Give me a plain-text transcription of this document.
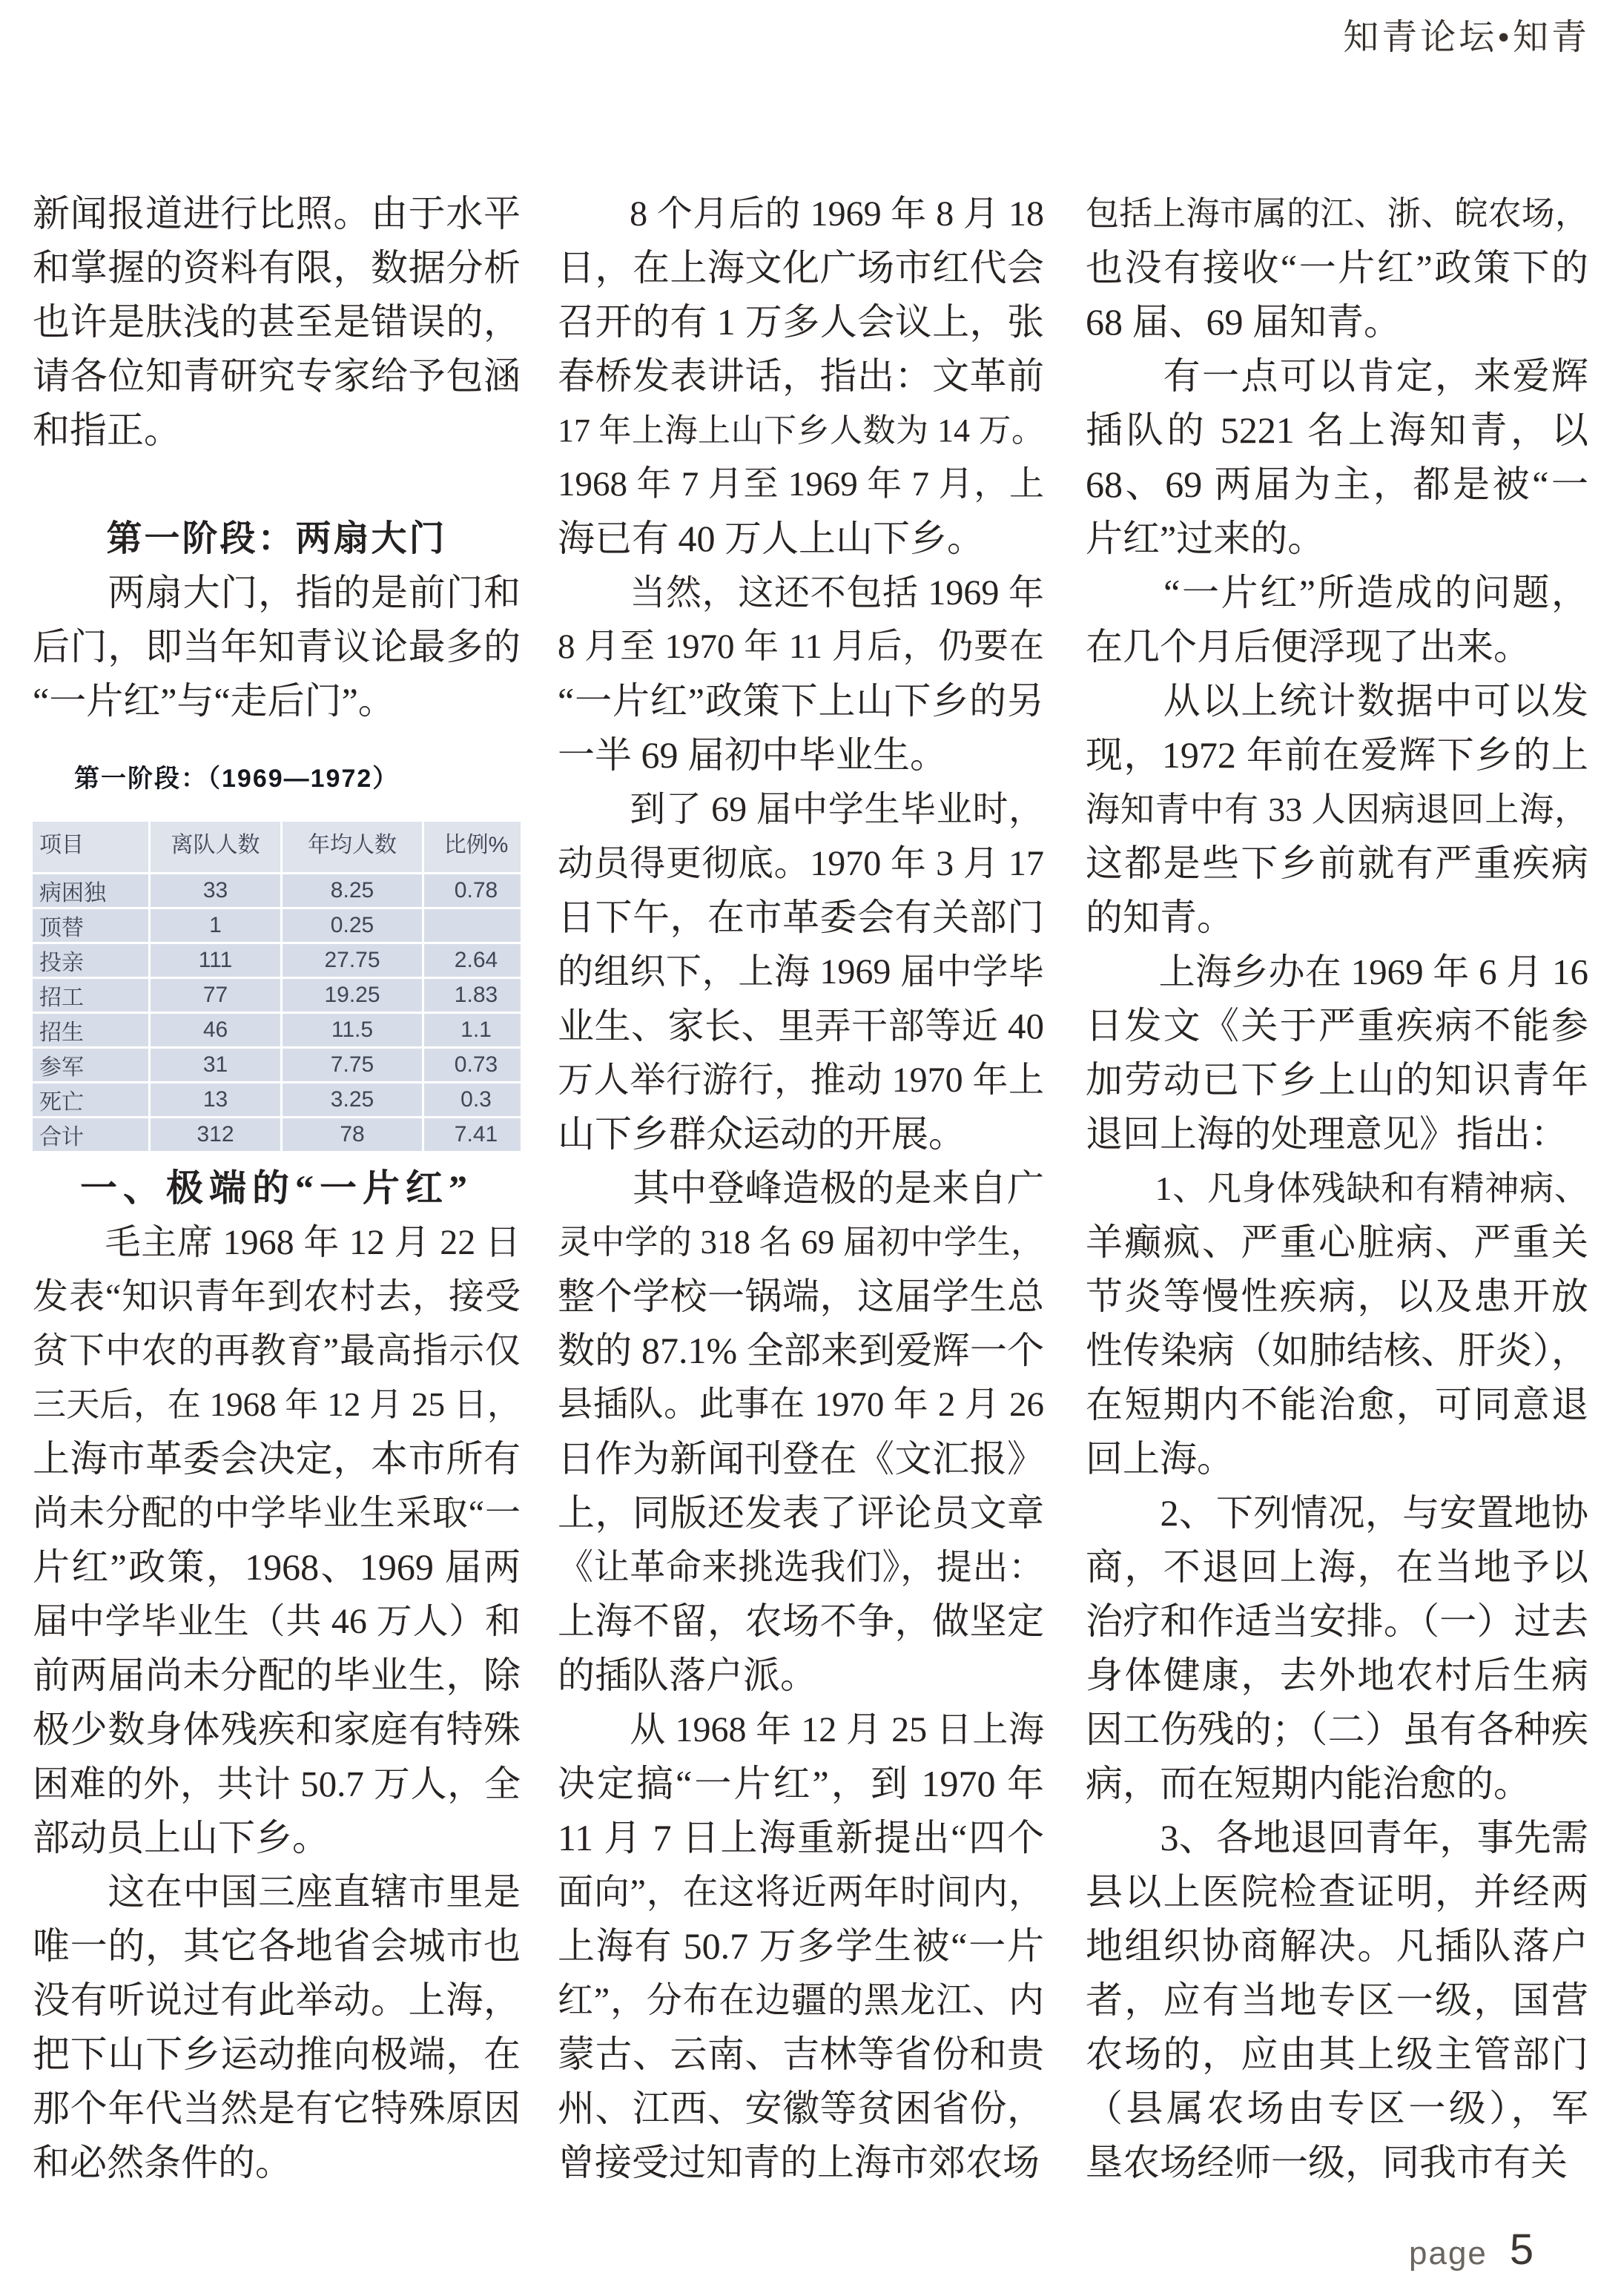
知青论坛•知青
新闻报道进行比照。由于水平
和掌握的资料有限，数据分析
也许是肤浅的甚至是错误的，
请各位知青研究专家给予包涵
和指正。
第一阶段：两扇大门
　　两扇大门，指的是前门和
后门，即当年知青议论最多的
“一片红”与“走后门”。
第一阶段：（1969—1972）
项目	离队人数	年均人数	比例%
病困独	33	8.25	0.78
顶替	1	0.25	
投亲	111	27.75	2.64
招工	77	19.25	1.83
招生	46	11.5	1.1
参军	31	7.75	0.73
死亡	13	3.25	0.3
合计	312	78	7.41
一、极端的“一片红”
　　毛主席 1968 年 12 月 22 日
发表“知识青年到农村去，接受
贫下中农的再教育”最高指示仅
三天后，在 1968 年 12 月 25 日，
上海市革委会决定，本市所有
尚未分配的中学毕业生采取“一
片红”政策，1968、1969 届两
届中学毕业生（共 46 万人）和
前两届尚未分配的毕业生，除
极少数身体残疾和家庭有特殊
困难的外，共计 50.7 万人，全
部动员上山下乡。
　　这在中国三座直辖市里是
唯一的，其它各地省会城市也
没有听说过有此举动。上海，
把下山下乡运动推向极端，在
那个年代当然是有它特殊原因
和必然条件的。
　　8 个月后的 1969 年 8 月 18
日，在上海文化广场市红代会
召开的有 1 万多人会议上，张
春桥发表讲话，指出：文革前
17 年上海上山下乡人数为 14 万。
1968 年 7 月至 1969 年 7 月，上
海已有 40 万人上山下乡。
　　当然，这还不包括 1969 年
8 月至 1970 年 11 月后，仍要在
“一片红”政策下上山下乡的另
一半 69 届初中毕业生。
　　到了 69 届中学生毕业时，
动员得更彻底。1970 年 3 月 17
日下午，在市革委会有关部门
的组织下，上海 1969 届中学毕
业生、家长、里弄干部等近 40
万人举行游行，推动 1970 年上
山下乡群众运动的开展。
　　其中登峰造极的是来自广
灵中学的 318 名 69 届初中学生，
整个学校一锅端，这届学生总
数的 87.1% 全部来到爱辉一个
县插队。此事在 1970 年 2 月 26
日作为新闻刊登在《文汇报》
上，同版还发表了评论员文章
《让革命来挑选我们》，提出：
上海不留，农场不争，做坚定
的插队落户派。
　　从 1968 年 12 月 25 日上海
决定搞“一片红”，到 1970 年
11 月 7 日上海重新提出“四个
面向”，在这将近两年时间内，
上海有 50.7 万多学生被“一片
红”，分布在边疆的黑龙江、内
蒙古、云南、吉林等省份和贵
州、江西、安徽等贫困省份，
曾接受过知青的上海市郊农场
包括上海市属的江、浙、皖农场，
也没有接收“一片红”政策下的
68 届、69 届知青。
　　有一点可以肯定，来爱辉
插队的 5221 名上海知青，以
68、69 两届为主，都是被“一
片红”过来的。
　　“一片红”所造成的问题，
在几个月后便浮现了出来。
　　从以上统计数据中可以发
现，1972 年前在爱辉下乡的上
海知青中有 33 人因病退回上海，
这都是些下乡前就有严重疾病
的知青。
　　上海乡办在 1969 年 6 月 16
日发文《关于严重疾病不能参
加劳动已下乡上山的知识青年
退回上海的处理意见》指出：
　　1、凡身体残缺和有精神病、
羊癫疯、严重心脏病、严重关
节炎等慢性疾病，以及患开放
性传染病（如肺结核、肝炎），
在短期内不能治愈，可同意退
回上海。
　　2、下列情况，与安置地协
商，不退回上海，在当地予以
治疗和作适当安排。（一）过去
身体健康，去外地农村后生病
因工伤残的；（二）虽有各种疾
病，而在短期内能治愈的。
　　3、各地退回青年，事先需
县以上医院检查证明，并经两
地组织协商解决。凡插队落户
者，应有当地专区一级，国营
农场的，应由其上级主管部门
（县属农场由专区一级），军
垦农场经师一级，同我市有关
page 5
